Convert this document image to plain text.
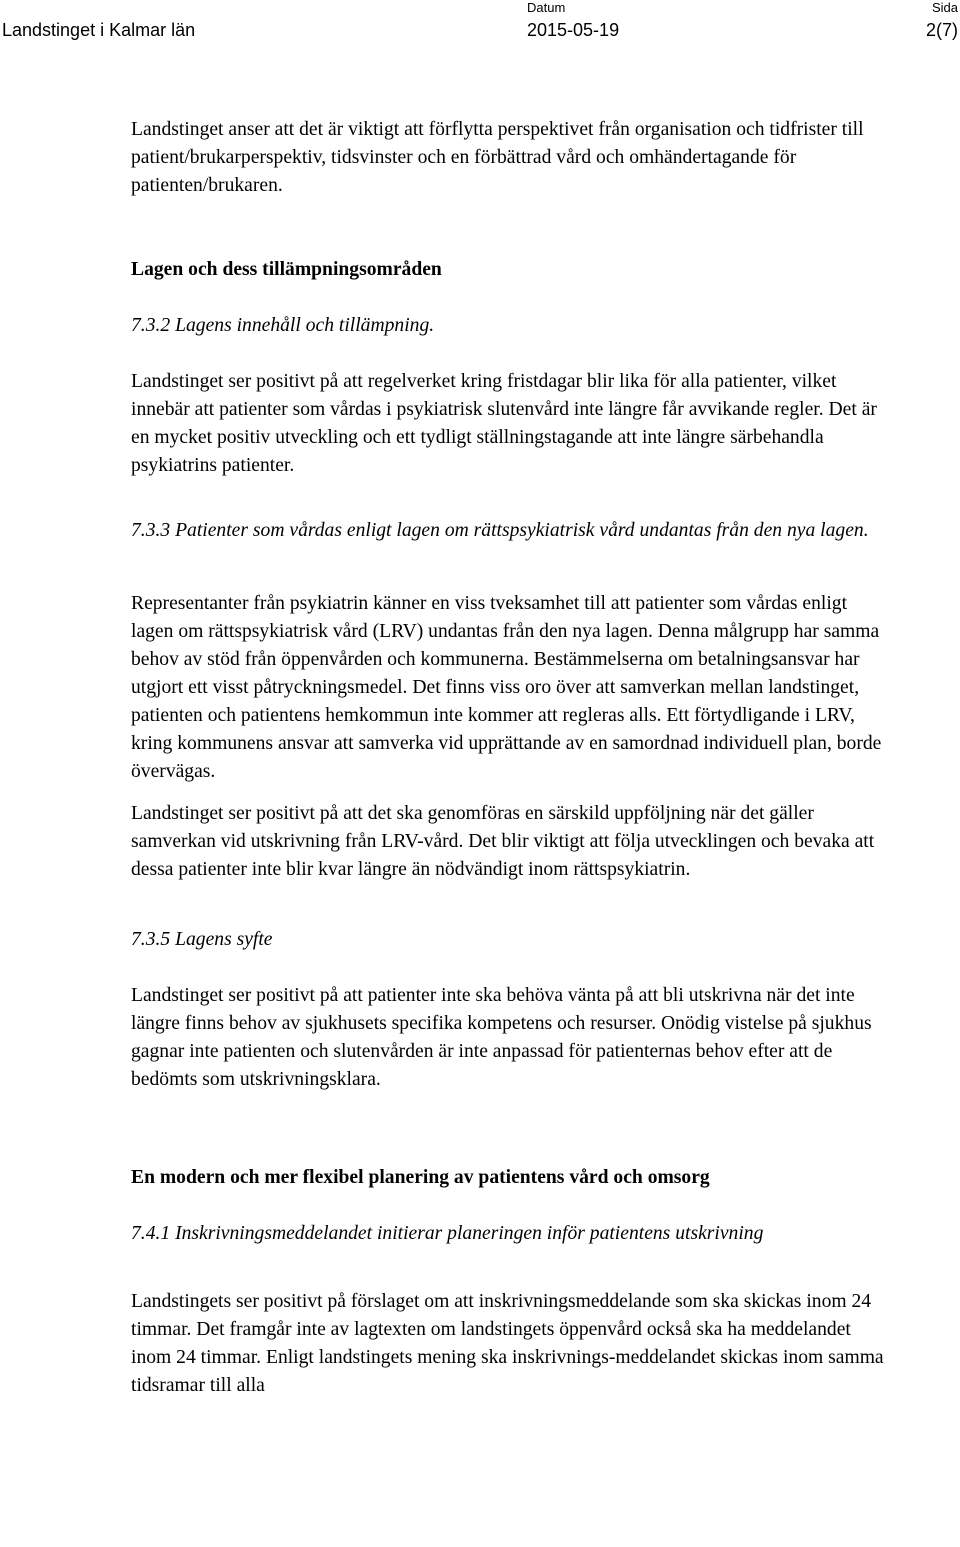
Landstinget i Kalmar län
Datum
2015-05-19
Sida
2(7)

Landstinget anser att det är viktigt att förflytta perspektivet från organisation och tidfrister till patient/brukarperspektiv, tidsvinster och en förbättrad vård och omhändertagande för patienten/brukaren.

Lagen och dess tillämpningsområden
7.3.2 Lagens innehåll och tillämpning.

Landstinget ser positivt på att regelverket kring fristdagar blir lika för alla patienter, vilket innebär att patienter som vårdas i psykiatrisk slutenvård inte längre får avvikande regler. Det är en mycket positiv utveckling och ett tydligt ställningstagande att inte längre särbehandla psykiatrins patienter.

7.3.3 Patienter som vårdas enligt lagen om rättspsykiatrisk vård undantas från den nya lagen.

Representanter från psykiatrin känner en viss tveksamhet till att patienter som vårdas enligt lagen om rättspsykiatrisk vård (LRV) undantas från den nya lagen. Denna målgrupp har samma behov av stöd från öppenvården och kommunerna. Bestämmelserna om betalningsansvar har utgjort ett visst påtryckningsmedel. Det finns viss oro över att samverkan mellan landstinget, patienten och patientens hemkommun inte kommer att regleras alls. Ett förtydligande i LRV, kring kommunens ansvar att samverka vid upprättande av en samordnad individuell plan, borde övervägas.

Landstinget ser positivt på att det ska genomföras en särskild uppföljning när det gäller samverkan vid utskrivning från LRV-vård. Det blir viktigt att följa utvecklingen och bevaka att dessa patienter inte blir kvar längre än nödvändigt inom rättspsykiatrin.

7.3.5 Lagens syfte

Landstinget ser positivt på att patienter inte ska behöva vänta på att bli utskrivna när det inte längre finns behov av sjukhusets specifika kompetens och resurser. Onödig vistelse på sjukhus gagnar inte patienten och slutenvården är inte anpassad för patienternas behov efter att de bedömts som utskrivningsklara.

En modern och mer flexibel planering av patientens vård och omsorg
7.4.1 Inskrivningsmeddelandet initierar planeringen inför patientens utskrivning

Landstingets ser positivt på förslaget om att inskrivningsmeddelande som ska skickas inom 24 timmar. Det framgår inte av lagtexten om landstingets öppenvård också ska ha meddelandet inom 24 timmar. Enligt landstingets mening ska inskrivnings-meddelandet skickas inom samma tidsramar till alla
